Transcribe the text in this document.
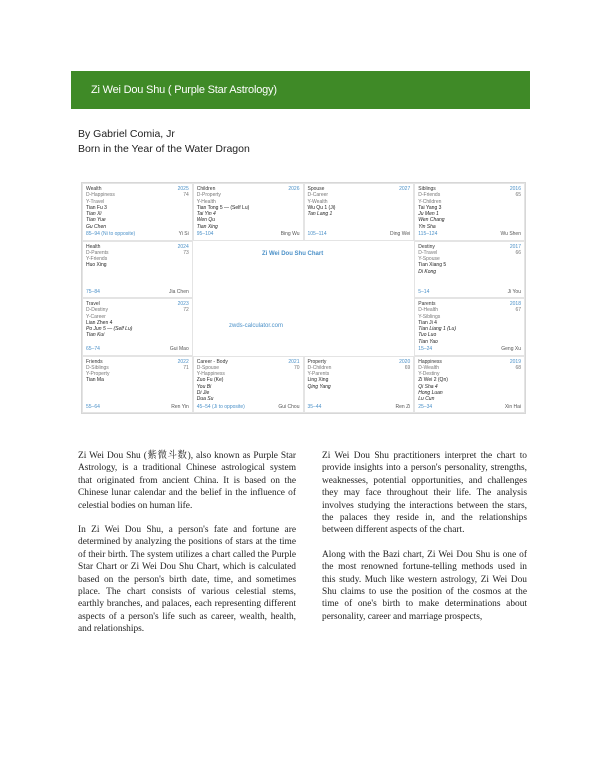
Zi Wei Dou Shu ( Purple Star Astrology)
By Gabriel Comia, Jr
Born in the Year of the Water Dragon
Zi Wei Dou Shu Chart
zwds-calculator.com
Wealth	2025
D-Happiness	74
Y-Travel
Tian Fu 3
Tian Xi
Tian Yue
Gu Chen
85–94 (Ni to opposite)	Yi Si
Children	2026
D-Property
Y-Health
Tian Tong 5 — (Self Lu)
Tai Yin 4
Wen Qu
Tian Xing
95–104	Bing Wu
Spouse	2027
D-Career
Y-Wealth
Wu Qu 1 (Ji)
Tan Lang 1
105–114	Ding Wei
Siblings	2016
D-Friends	65
Y-Children
Tai Yang 3
Ju Men 1
Wen Chang
Yin Sha
115–124	Wu Shen
Health	2024
D-Parents	73
Y-Friends
Huo Xing
75–84	Jia Chen
Destiny	2017
D-Travel	66
Y-Spouse
Tian Xiang 5
Di Kong
5–14	Ji You
Travel	2023
D-Destiny	72
Y-Career
Lian Zhen 4
Po Jun 5 — (Self Lu)
Tian Kui
65–74	Gui Mao
Parents	2018
D-Health	67
Y-Siblings
Tian Ji 4
Tian Liang 1 (Lu)
Tuo Luo
Tian Yao
15–24	Geng Xu
Friends	2022
D-Siblings	71
Y-Property
Tian Ma
55–64	Ren Yin
Career - Body	2021
D-Spouse	70
Y-Happiness
Zuo Fu (Ke)
You Bi
Di Jie
Dua Su
45–54 (Ji to opposite)	Gui Chou
Property	2020
D-Children	69
Y-Parents
Ling Xing
Qing Yang
35–44	Ren Zi
Happiness	2019
D-Wealth	68
Y-Destiny
Zi Wei 2 (Qn)
Qi Sha 4
Hong Luan
Lu Cun
25–34	Xin Hai

Zi Wei Dou Shu (紫微斗数), also known as Purple Star Astrology, is a traditional Chinese astrological system that originated from ancient China. It is based on the Chinese lunar calendar and the belief in the influence of celestial bodies on human life.

In Zi Wei Dou Shu, a person's fate and fortune are determined by analyzing the positions of stars at the time of their birth. The system utilizes a chart called the Purple Star Chart or Zi Wei Dou Shu Chart, which is calculated based on the person's birth date, time, and sometimes place. The chart consists of various celestial stems, earthly branches, and palaces, each representing different aspects of a person's life such as career, wealth, health, and relationships.

Zi Wei Dou Shu practitioners interpret the chart to provide insights into a person's personality, strengths, weaknesses, potential opportunities, and challenges they may face throughout their life. The analysis involves studying the interactions between the stars, the palaces they reside in, and the relationships between different aspects of the chart.

Along with the Bazi chart, Zi Wei Dou Shu is one of the most renowned fortune-telling methods used in this study. Much like western astrology, Zi Wei Dou Shu claims to use the position of the cosmos at the time of one's birth to make determinations about personality, career and marriage prospects,
